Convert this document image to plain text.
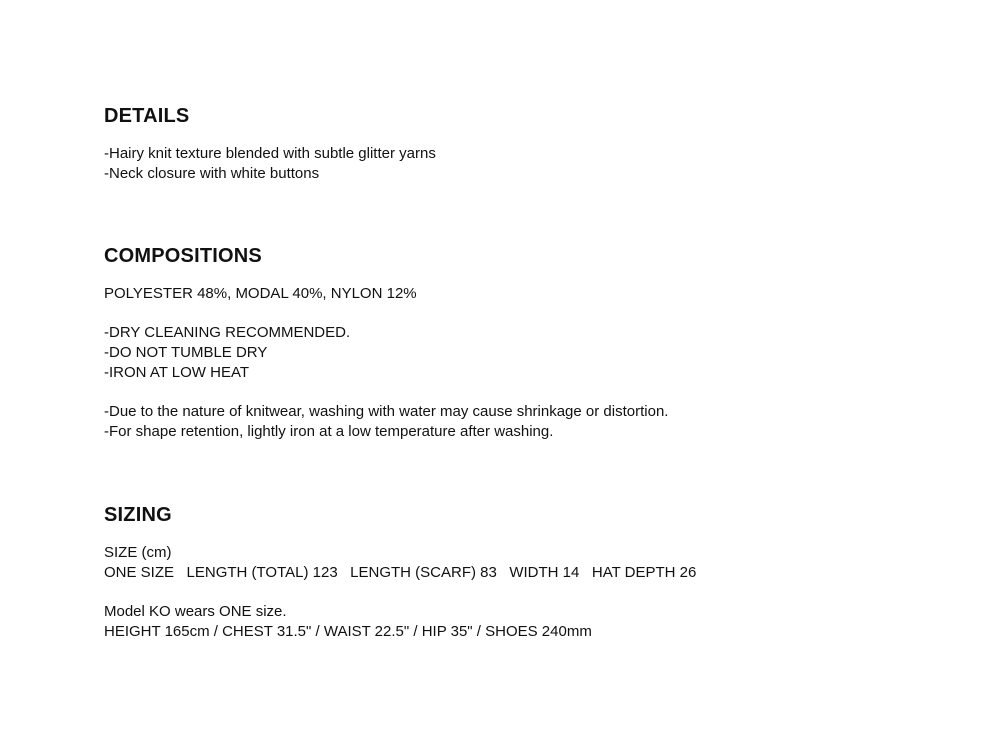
DETAILS
-Hairy knit texture blended with subtle glitter yarns
-Neck closure with white buttons
COMPOSITIONS
POLYESTER 48%, MODAL 40%, NYLON 12%
-DRY CLEANING RECOMMENDED.
-DO NOT TUMBLE DRY
-IRON AT LOW HEAT
-Due to the nature of knitwear, washing with water may cause shrinkage or distortion.
-For shape retention, lightly iron at a low temperature after washing.
SIZING
SIZE (cm)
ONE SIZE   LENGTH (TOTAL) 123   LENGTH (SCARF) 83   WIDTH 14   HAT DEPTH 26
Model KO wears ONE size.
HEIGHT 165cm / CHEST 31.5" / WAIST 22.5" / HIP 35" / SHOES 240mm
